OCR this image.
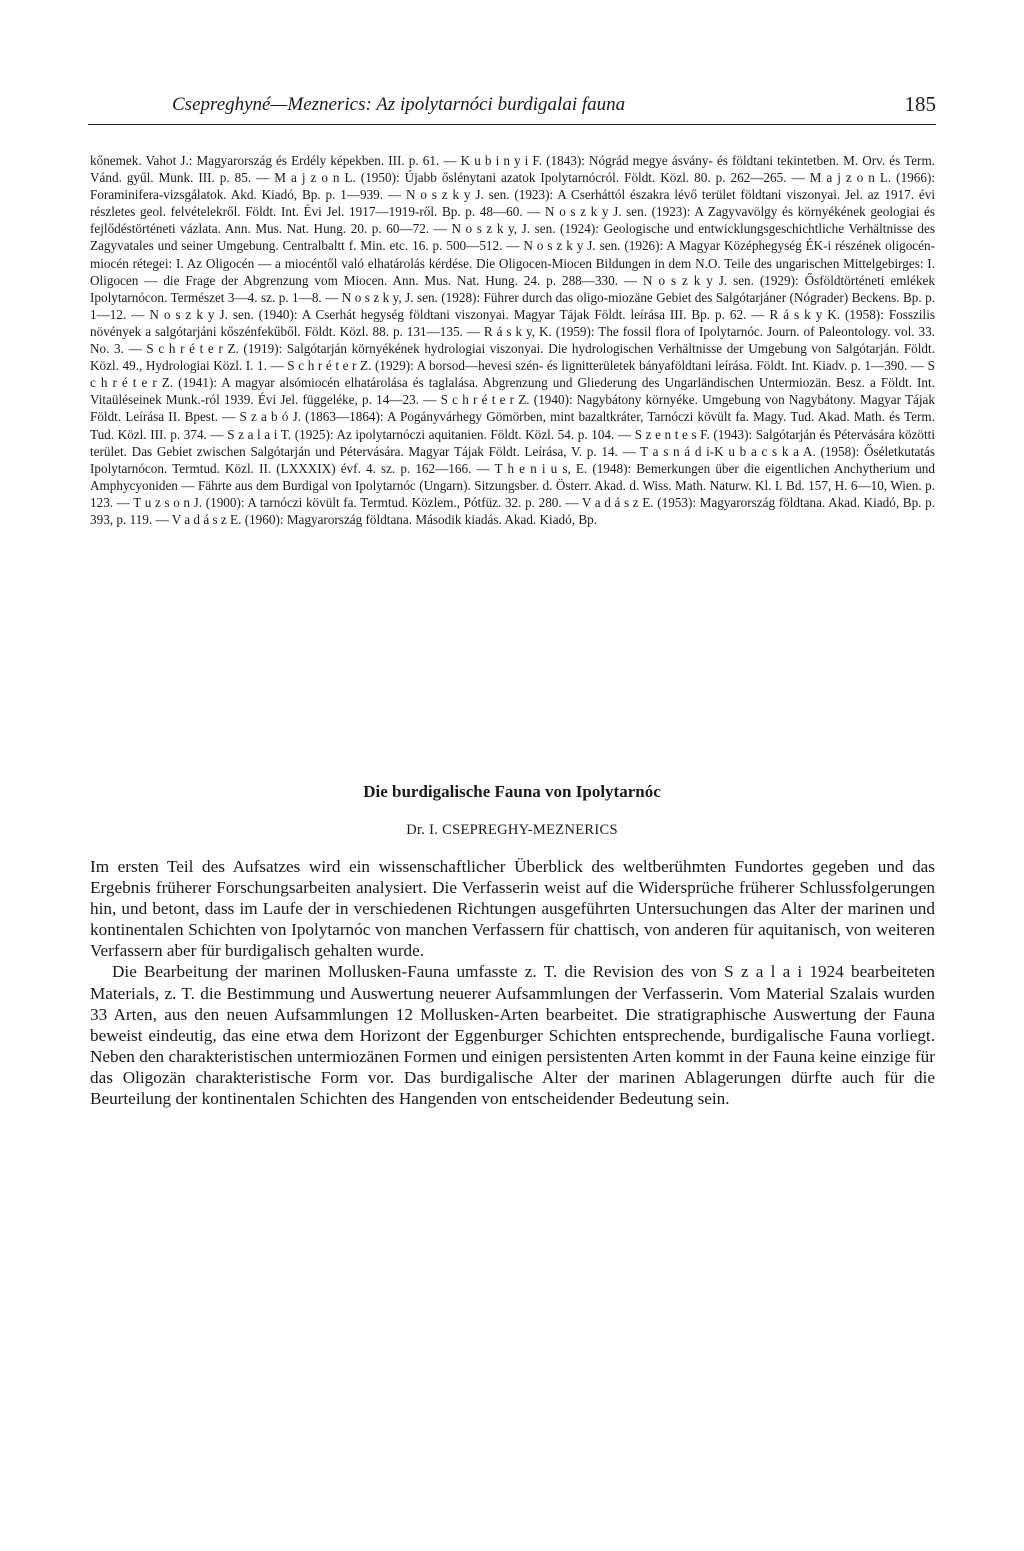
Csepreghyné—Meznerics: Az ipolytarnóci burdigalai fauna	185
kőnemek. Vahot J.: Magyarország és Erdély képekben. III. p. 61. — K u b i n y i F. (1843): Nógrád megye ásvány- és földtani tekintetben. M. Orv. és Term. Vánd. gyűl. Munk. III. p. 85. — M a j z o n L. (1950): Újabb őslénytani azatok Ipolytarnócról. Földt. Közl. 80. p. 262—265. — M a j z o n L. (1966): Foraminifera-vizsgálatok. Akd. Kiadó, Bp. p. 1—939. — N o s z k y J. sen. (1923): A Cserháttól északra lévő terület földtani viszonyai. Jel. az 1917. évi részletes geol. felvételekről. Földt. Int. Évi Jel. 1917—1919-ről. Bp. p. 48—60. — N o s z k y J. sen. (1923): A Zagyvavölgy és környékének geologiai és fejlődéstörténeti vázlata. Ann. Mus. Nat. Hung. 20. p. 60—72. — N o s z k y, J. sen. (1924): Geologische und entwicklungsgeschichtliche Verhältnisse des Zagyvatales und seiner Umgebung. Centralbaltt f. Min. etc. 16. p. 500—512. — N o s z k y J. sen. (1926): A Magyar Középhegység ÉK-i részének oligocén-miocén rétegei: I. Az Oligocén — a miocéntől való elhatárolás kérdése. Die Oligocen-Miocen Bildungen in dem N.O. Teile des ungarischen Mittelgebirges: I. Oligocen — die Frage der Abgrenzung vom Miocen. Ann. Mus. Nat. Hung. 24. p. 288—330. — N o s z k y J. sen. (1929): Ősföldtörténeti emlékek Ipolytarnócon. Természet 3—4. sz. p. 1—8. — N o s z k y, J. sen. (1928): Führer durch das oligo-miozäne Gebiet des Salgótarjáner (Nógrader) Beckens. Bp. p. 1—12. — N o s z k y J. sen. (1940): A Cserhát hegység földtani viszonyai. Magyar Tájak Földt. leírása III. Bp. p. 62. — R á s k y K. (1958): Fosszilis növények a salgótarjáni kőszénfekűből. Földt. Közl. 88. p. 131—135. — R á s k y, K. (1959): The fossil flora of Ipolytarnóc. Journ. of Paleontology. vol. 33. No. 3. — S c h r é t e r Z. (1919): Salgótarján környékének hydrologiai viszonyai. Die hydrologischen Verhältnisse der Umgebung von Salgótarján. Földt. Közl. 49., Hydrologiai Közl. I. 1. — S c h r é t e r Z. (1929): A borsod—hevesi szén- és lignitterületek bányaföldtani leírása. Földt. Int. Kiadv. p. 1—390. — S c h r é t e r Z. (1941): A magyar alsómiocén elhatárolása és taglalása. Abgrenzung und Gliederung des Ungarländischen Untermiozän. Besz. a Földt. Int. Vitaüléseinek Munk.-ról 1939. Évi Jel. függeléke, p. 14—23. — S c h r é t e r Z. (1940): Nagybátony környéke. Umgebung von Nagybátony. Magyar Tájak Földt. Leírása II. Bpest. — S z a b ó J. (1863—1864): A Pogányvárhegy Gömörben, mint bazaltkráter, Tarnóczi kövült fa. Magy. Tud. Akad. Math. és Term. Tud. Közl. III. p. 374. — S z a l a i T. (1925): Az ipolytarnóczi aquitanien. Földt. Közl. 54. p. 104. — S z e n t e s F. (1943): Salgótarján és Pétervására közötti terület. Das Gebiet zwischen Salgótarján und Pétervására. Magyar Tájak Földt. Leírása, V. p. 14. — T a s n á d i-K u b a c s k a A. (1958): Őséletkutatás Ipolytarnócon. Termtud. Közl. II. (LXXXIX) évf. 4. sz. p. 162—166. — T h e n i u s, E. (1948): Bemerkungen über die eigentlichen Anchytherium und Amphycyoniden — Fährte aus dem Burdigal von Ipolytarnóc (Ungarn). Sitzungsber. d. Österr. Akad. d. Wiss. Math. Naturw. Kl. I. Bd. 157, H. 6—10, Wien. p. 123. — T u z s o n J. (1900): A tarnóczi kövült fa. Termtud. Közlem., Pótfüz. 32. p. 280. — V a d á s z E. (1953): Magyarország földtana. Akad. Kiadó, Bp. p. 393, p. 119. — V a d á s z E. (1960): Magyarország földtana. Második kiadás. Akad. Kiadó, Bp.
Die burdigalische Fauna von Ipolytarnóc
Dr. I. CSEPREGHY-MEZNERICS

Im ersten Teil des Aufsatzes wird ein wissenschaftlicher Überblick des weltberühmten Fundortes gegeben und das Ergebnis früherer Forschungsarbeiten analysiert. Die Verfasserin weist auf die Widersprüche früherer Schlussfolgerungen hin, und betont, dass im Laufe der in verschiedenen Richtungen ausgeführten Untersuchungen das Alter der marinen und kontinentalen Schichten von Ipolytarnóc von manchen Verfassern für chattisch, von anderen für aquitanisch, von weiteren Verfassern aber für burdigalisch gehalten wurde.

Die Bearbeitung der marinen Mollusken-Fauna umfasste z. T. die Revision des von S z a l a i 1924 bearbeiteten Materials, z. T. die Bestimmung und Auswertung neuerer Aufsammlungen der Verfasserin. Vom Material Szalais wurden 33 Arten, aus den neuen Aufsammlungen 12 Mollusken-Arten bearbeitet. Die stratigraphische Auswertung der Fauna beweist eindeutig, das eine etwa dem Horizont der Eggenburger Schichten entsprechende, burdigalische Fauna vorliegt. Neben den charakteristischen untermiozänen Formen und einigen persistenten Arten kommt in der Fauna keine einzige für das Oligozän charakteristische Form vor. Das burdigalische Alter der marinen Ablagerungen dürfte auch für die Beurteilung der kontinentalen Schichten des Hangenden von entscheidender Bedeutung sein.
